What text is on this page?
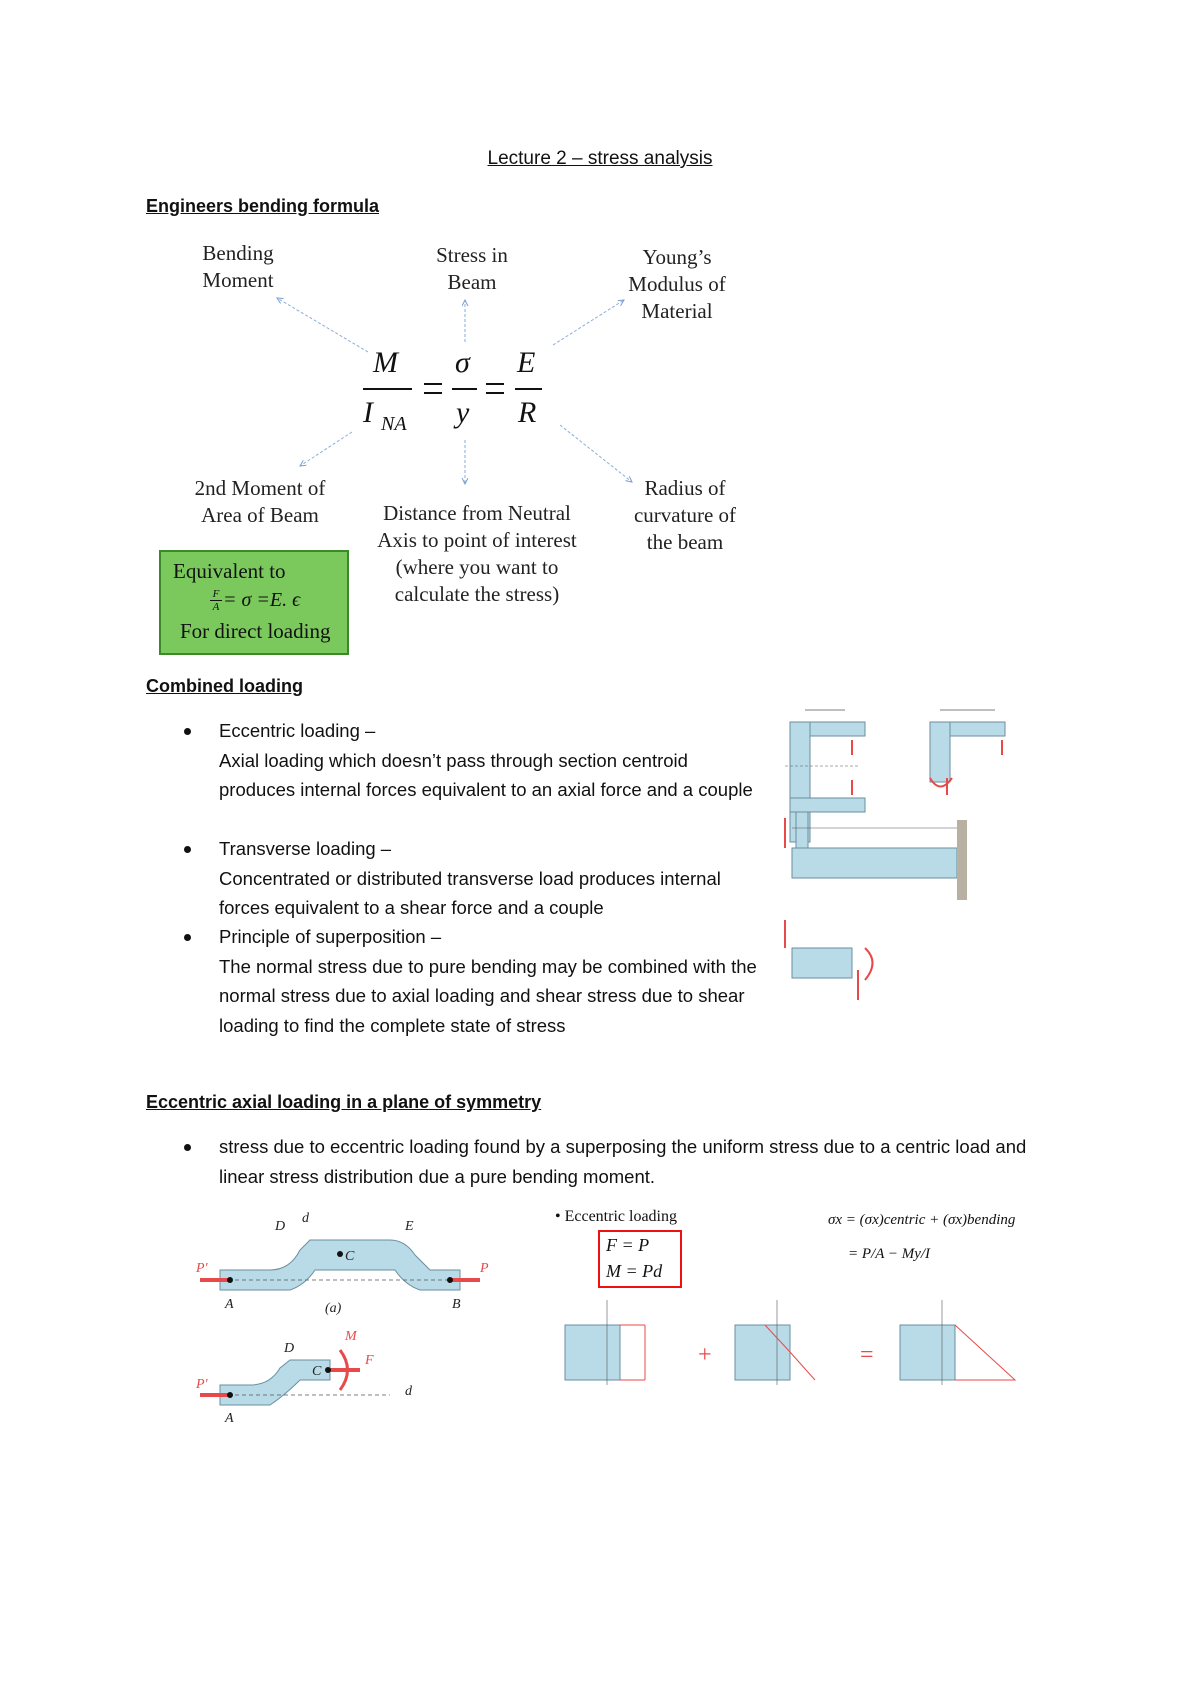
Lecture 2 – stress analysis
Engineers bending formula
Bending
Moment
Stress in
Beam
Young’s
Modulus of
Material
2nd Moment of
Area of Beam	Distance from Neutral
Axis to point of interest
(where you want to
calculate the stress)
Radius of
curvature of
the beam
M
I NA
σ
y
E
R
Equivalent to
F
A = σ =E. ϵ
For direct loading
Combined loading

Eccentric loading –

Axial loading which doesn’t pass through section centroid produces internal forces equivalent to an axial force and a couple

Transverse loading –

Concentrated or distributed transverse load produces internal forces equivalent to a shear force and a couple

Principle of superposition –

The normal stress due to pure bending may be combined with the normal stress due to axial loading and shear stress due to shear loading to find the complete state of stress

Eccentric axial loading in a plane of symmetry

stress due to eccentric loading found by a superposing the uniform stress due to a centric load and linear stress distribution due a pure bending moment.

D
d
E
C
A	B
P′	P
(a)
D
C
A
P′
M
F
d
• Eccentric loading
F = P
M = Pd
σx = (σx)centric + (σx)bending
= P/A − My/I
+	=
